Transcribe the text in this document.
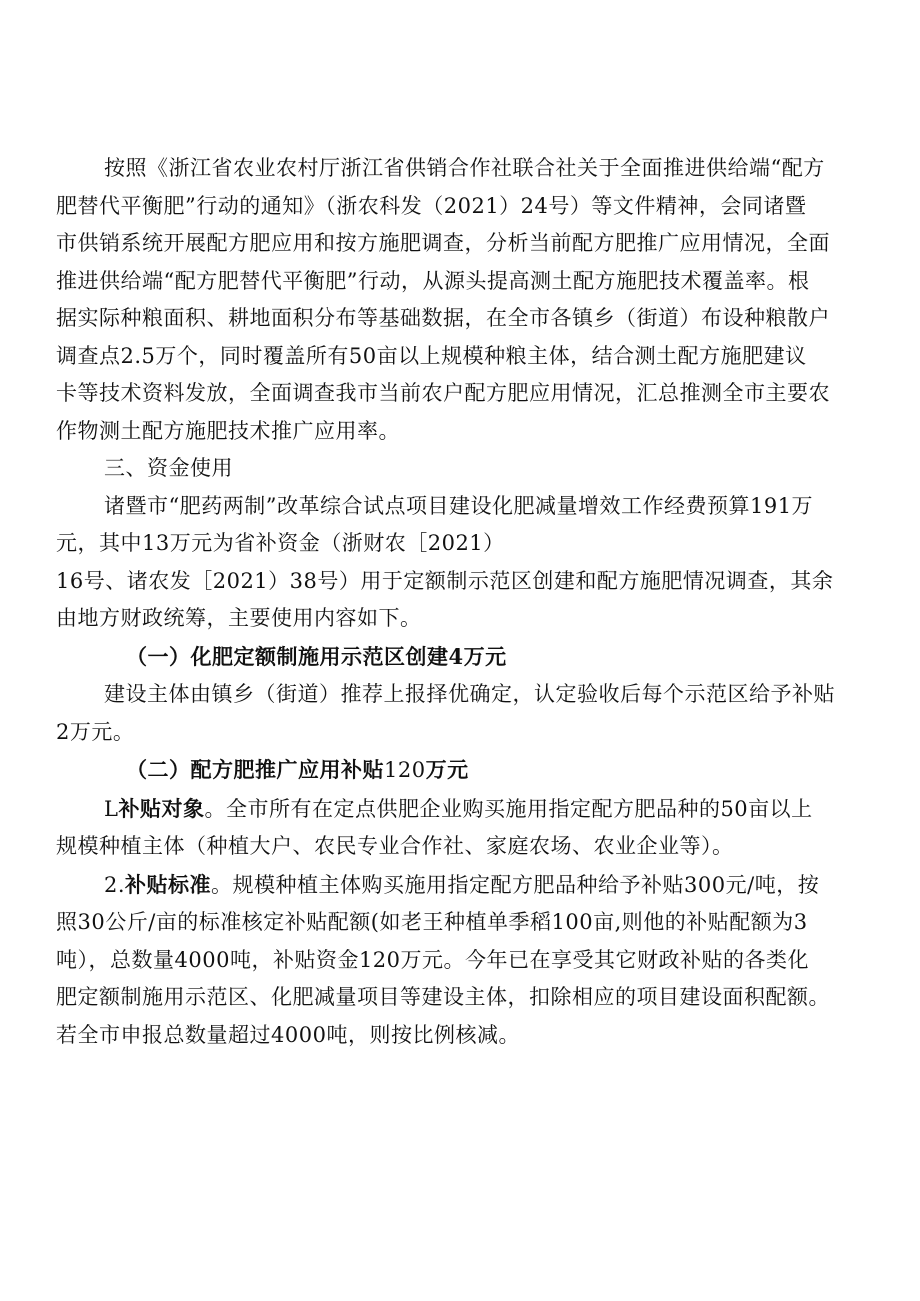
按照《浙江省农业农村厅浙江省供销合作社联合社关于全面推进供给端“配方
肥替代平衡肥”行动的通知》（浙农科发（2021）24号）等文件精神，会同诸暨
市供销系统开展配方肥应用和按方施肥调查，分析当前配方肥推广应用情况，全面
推进供给端“配方肥替代平衡肥”行动，从源头提高测土配方施肥技术覆盖率。根
据实际种粮面积、耕地面积分布等基础数据，在全市各镇乡（街道）布设种粮散户
调查点2.5万个，同时覆盖所有50亩以上规模种粮主体，结合测土配方施肥建议
卡等技术资料发放，全面调查我市当前农户配方肥应用情况，汇总推测全市主要农
作物测土配方施肥技术推广应用率。

三、资金使用

诸暨市“肥药两制”改革综合试点项目建设化肥减量增效工作经费预算191万
元，其中13万元为省补资金（浙财农［2021）
16号、诸农发［2021）38号）用于定额制示范区创建和配方施肥情况调查，其余
由地方财政统筹，主要使用内容如下。

（一）化肥定额制施用示范区创建4万元

建设主体由镇乡（街道）推荐上报择优确定，认定验收后每个示范区给予补贴
2万元。

（二）配方肥推广应用补贴120万元

L补贴对象。全市所有在定点供肥企业购买施用指定配方肥品种的50亩以上
规模种植主体（种植大户、农民专业合作社、家庭农场、农业企业等）。

2.补贴标准。规模种植主体购买施用指定配方肥品种给予补贴300元/吨，按
照30公斤/亩的标准核定补贴配额(如老王种植单季稻100亩,则他的补贴配额为3
吨），总数量4000吨，补贴资金120万元。今年已在享受其它财政补贴的各类化
肥定额制施用示范区、化肥减量项目等建设主体，扣除相应的项目建设面积配额。
若全市申报总数量超过4000吨，则按比例核减。
